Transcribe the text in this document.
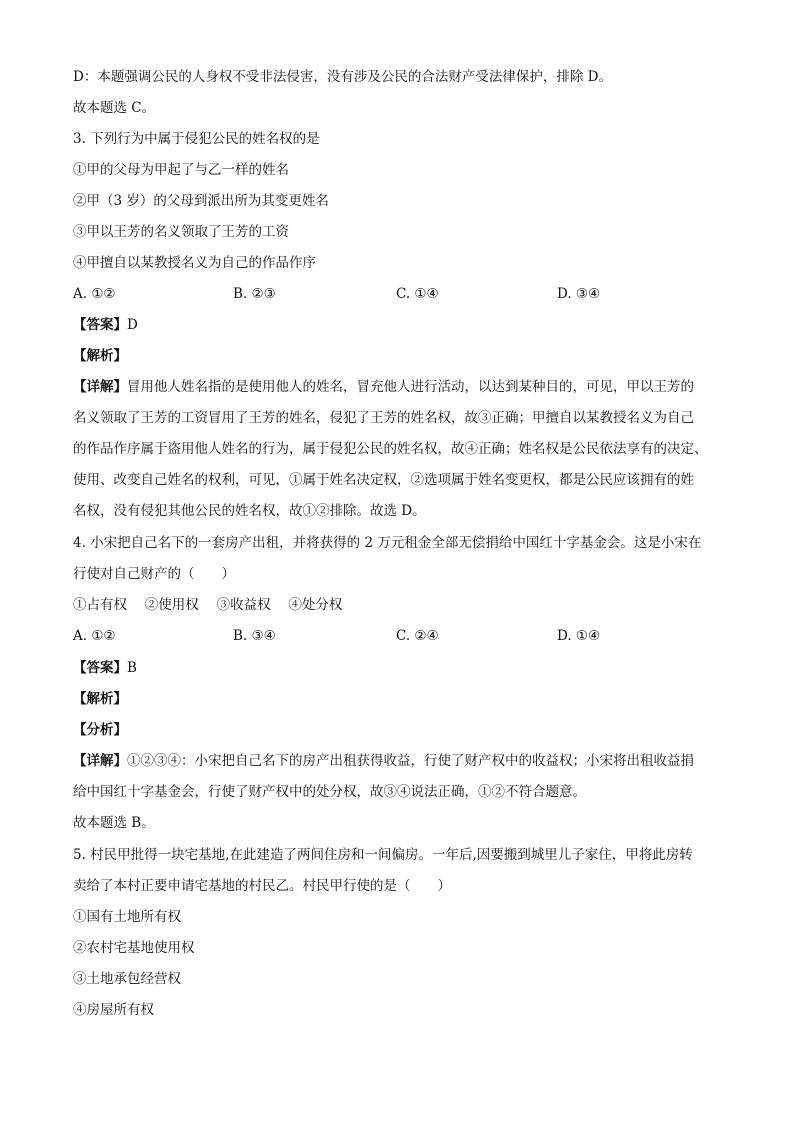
D：本题强调公民的人身权不受非法侵害，没有涉及公民的合法财产受法律保护，排除 D。
故本题选 C。
3. 下列行为中属于侵犯公民的姓名权的是
①甲的父母为甲起了与乙一样的姓名
②甲（3 岁）的父母到派出所为其变更姓名
③甲以王芳的名义领取了王芳的工资
④甲擅自以某教授名义为自己的作品作序
A. ①②	B. ②③	C. ①④	D. ③④
【答案】D
【解析】
【详解】冒用他人姓名指的是使用他人的姓名，冒充他人进行活动，以达到某种目的，可见，甲以王芳的
名义领取了王芳的工资冒用了王芳的姓名，侵犯了王芳的姓名权，故③正确；甲擅自以某教授名义为自己
的作品作序属于盗用他人姓名的行为，属于侵犯公民的姓名权，故④正确；姓名权是公民依法享有的决定、
使用、改变自己姓名的权利，可见，①属于姓名决定权，②选项属于姓名变更权，都是公民应该拥有的姓
名权，没有侵犯其他公民的姓名权，故①②排除。故选 D。
4. 小宋把自己名下的一套房产出租，并将获得的 2 万元租金全部无偿捐给中国红十字基金会。这是小宋在
行使对自己财产的（　　）
①占有权　 ②使用权　 ③收益权　 ④处分权
A. ①②	B. ③④	C. ②④	D. ①④
【答案】B
【解析】
【分析】
【详解】①②③④：小宋把自己名下的房产出租获得收益，行使了财产权中的收益权；小宋将出租收益捐
给中国红十字基金会，行使了财产权中的处分权，故③④说法正确，①②不符合题意。
故本题选 B。
5. 村民甲批得一块宅基地,在此建造了两间住房和一间偏房。一年后,因要搬到城里儿子家住，甲将此房转
卖给了本村正要申请宅基地的村民乙。村民甲行使的是（　　）
①国有土地所有权
②农村宅基地使用权
③土地承包经营权
④房屋所有权
